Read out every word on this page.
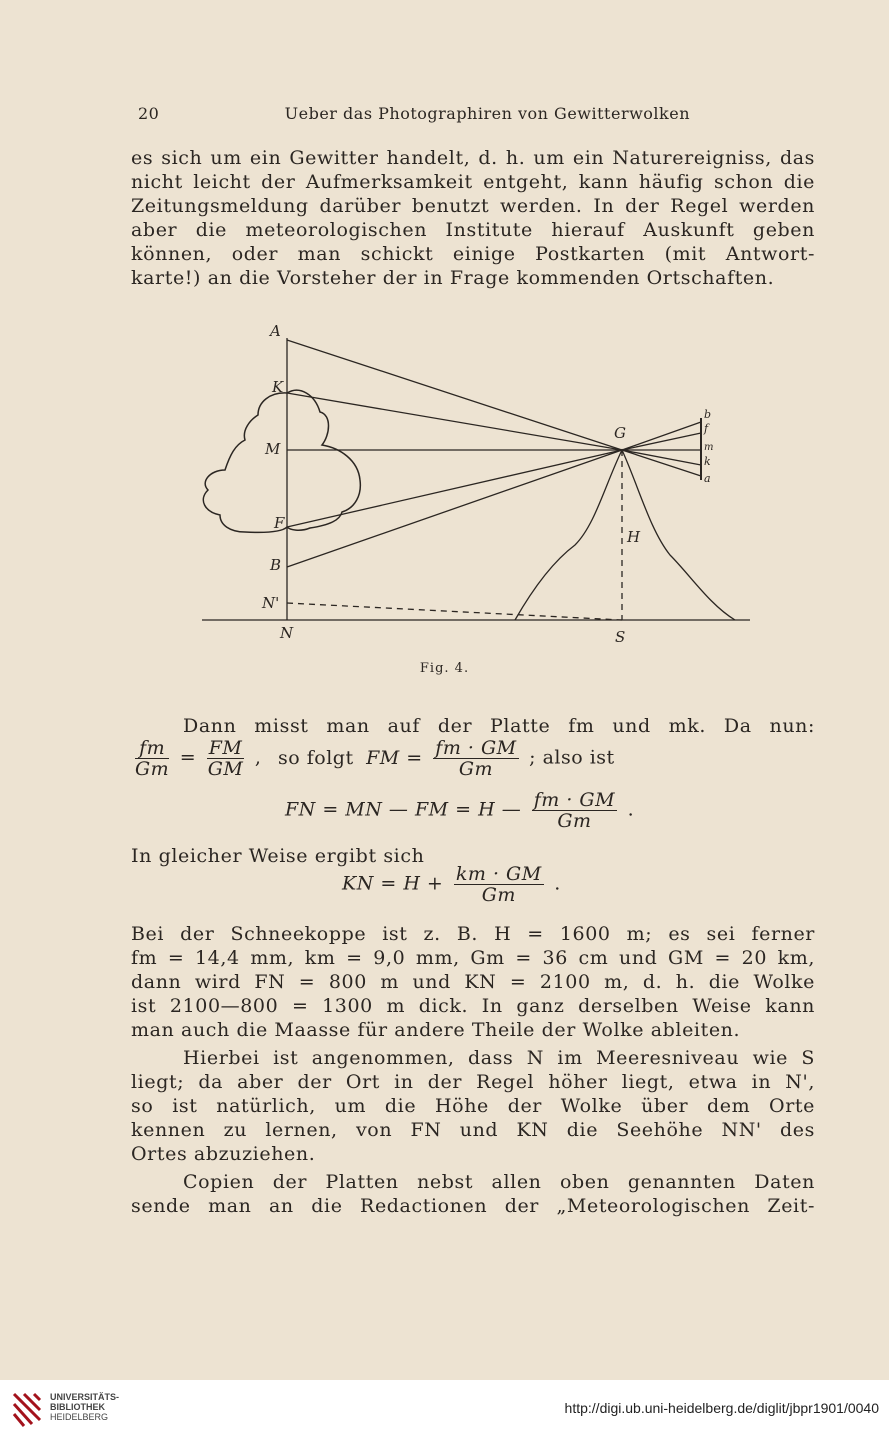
20	Ueber das Photographiren von Gewitterwolken
es sich um ein Gewitter handelt, d. h. um ein Naturereigniss, das
nicht leicht der Aufmerksamkeit entgeht, kann häufig schon die
Zeitungsmeldung darüber benutzt werden. In der Regel werden
aber die meteorologischen Institute hierauf Auskunft geben
können, oder man schickt einige Postkarten (mit Antwort-
karte!) an die Vorsteher der in Frage kommenden Ortschaften.
A
K
M
F
B
N'
N	S
G
H
b
f
m
k
a
Fig. 4.
Dann misst man auf der Platte fm und mk. Da nun:
$\frac{fm}{Gm} = \frac{FM}{GM}$ , so folgt FM = $\frac{fm \cdot GM}{Gm}$ ; also ist
FN = MN — FM = H — $\frac{fm \cdot GM}{Gm}$ .
In gleicher Weise ergibt sich
KN = $H + \frac{km \cdot GM}{Gm}$ .
Bei der Schneekoppe ist z. B. H = 1600 m; es sei ferner
fm = 14,4 mm, km = 9,0 mm, Gm = 36 cm und GM = 20 km,
dann wird FN = 800 m und KN = 2100 m, d. h. die Wolke
ist 2100—800 = 1300 m dick. In ganz derselben Weise kann
man auch die Maasse für andere Theile der Wolke ableiten.
Hierbei ist angenommen, dass N im Meeresniveau wie S
liegt; da aber der Ort in der Regel höher liegt, etwa in N',
so ist natürlich, um die Höhe der Wolke über dem Orte
kennen zu lernen, von FN und KN die Seehöhe NN' des
Ortes abzuziehen.
Copien der Platten nebst allen oben genannten Daten
sende man an die Redactionen der „Meteorologischen Zeit-
UNIVERSITÄTS-
BIBLIOTHEK
HEIDELBERG
http://digi.ub.uni-heidelberg.de/diglit/jbpr1901/0040
